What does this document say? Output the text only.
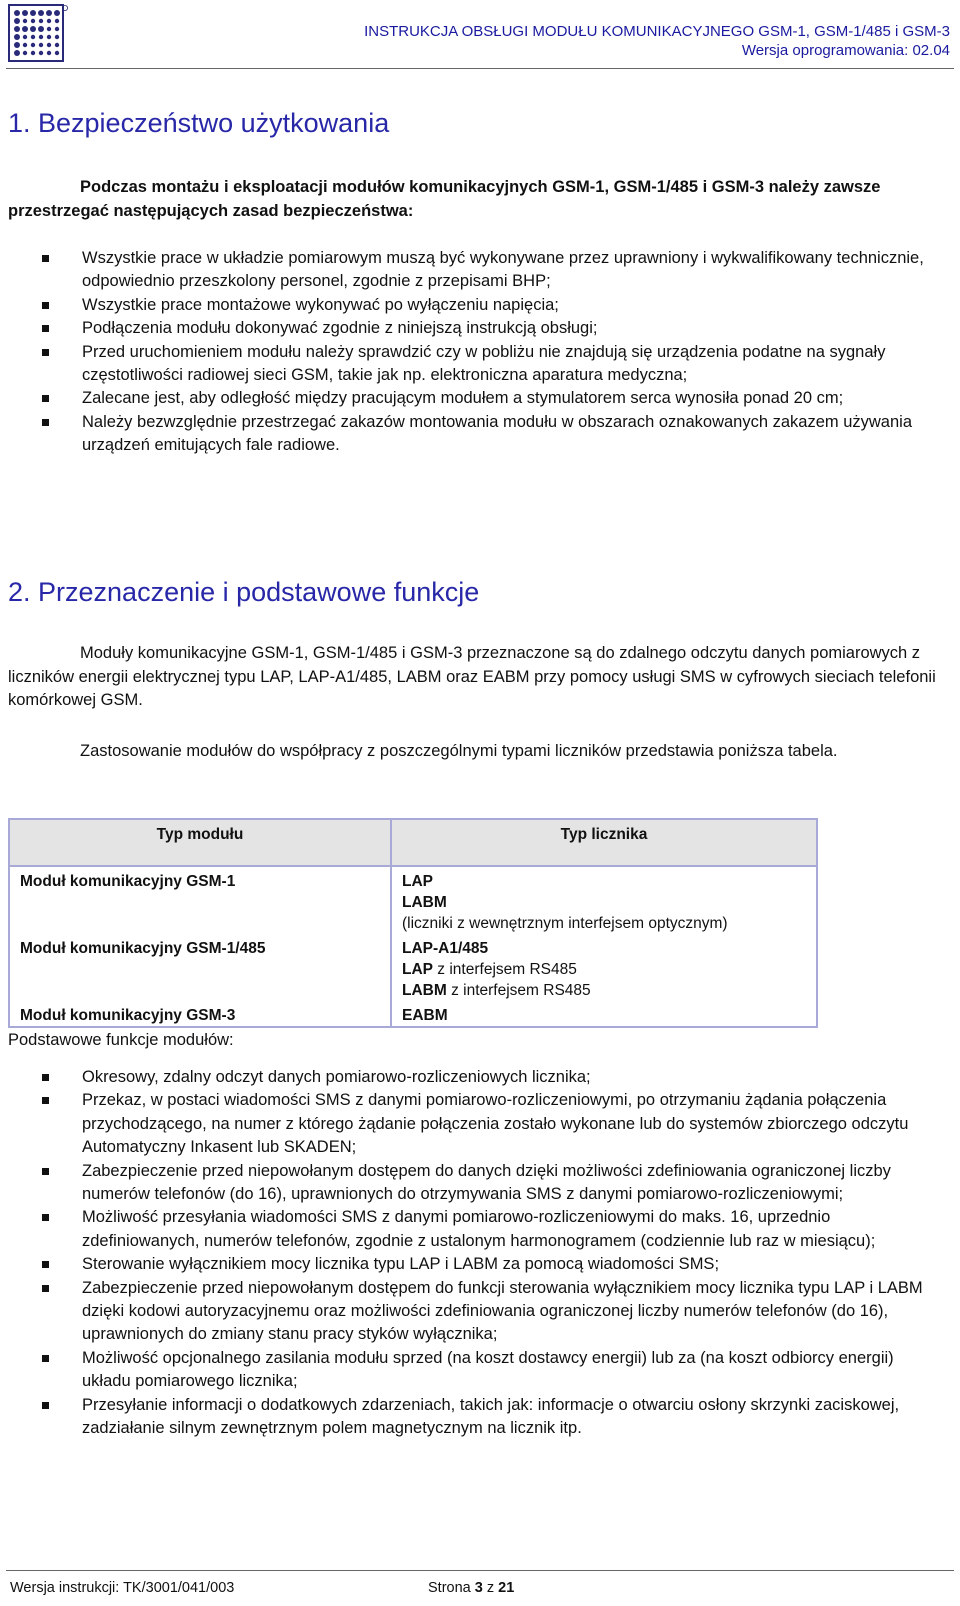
INSTRUKCJA OBSŁUGI MODUŁU KOMUNIKACYJNEGO GSM-1, GSM-1/485 i GSM-3
Wersja oprogramowania: 02.04
1. Bezpieczeństwo użytkowania
Podczas montażu i eksploatacji modułów komunikacyjnych GSM-1, GSM-1/485 i GSM-3 należy zawsze przestrzegać następujących zasad bezpieczeństwa:
Wszystkie prace w układzie pomiarowym muszą być wykonywane przez uprawniony i wykwalifikowany technicznie, odpowiednio przeszkolony personel, zgodnie z przepisami BHP;
Wszystkie prace montażowe wykonywać po wyłączeniu napięcia;
Podłączenia modułu dokonywać zgodnie z niniejszą instrukcją obsługi;
Przed uruchomieniem modułu należy sprawdzić czy w pobliżu nie znajdują się urządzenia podatne na sygnały częstotliwości radiowej sieci GSM, takie jak np. elektroniczna aparatura medyczna;
Zalecane jest, aby odległość między pracującym modułem a stymulatorem serca wynosiła ponad 20 cm;
Należy bezwzględnie przestrzegać zakazów montowania modułu w obszarach oznakowanych zakazem używania urządzeń emitujących fale radiowe.
2. Przeznaczenie i podstawowe funkcje
Moduły komunikacyjne GSM-1, GSM-1/485 i GSM-3 przeznaczone są do zdalnego odczytu danych pomiarowych z liczników energii elektrycznej typu LAP, LAP-A1/485, LABM oraz EABM przy pomocy usługi SMS w cyfrowych sieciach telefonii komórkowej GSM.
Zastosowanie modułów do współpracy z poszczególnymi typami liczników przedstawia poniższa tabela.
Typ modułu	Typ licznika
Moduł komunikacyjny GSM-1	LAP
	LABM
	(liczniki z wewnętrznym interfejsem optycznym)
Moduł komunikacyjny GSM-1/485	LAP-A1/485
	LAP z interfejsem RS485
	LABM z interfejsem RS485
Moduł komunikacyjny GSM-3	EABM
Podstawowe funkcje modułów:
Okresowy, zdalny odczyt danych pomiarowo-rozliczeniowych licznika;
Przekaz, w postaci wiadomości SMS z danymi pomiarowo-rozliczeniowymi, po otrzymaniu żądania połączenia przychodzącego, na numer z którego żądanie połączenia zostało wykonane lub do systemów zbiorczego odczytu Automatyczny Inkasent lub SKADEN;
Zabezpieczenie przed niepowołanym dostępem do danych dzięki możliwości zdefiniowania ograniczonej liczby numerów telefonów (do 16), uprawnionych do otrzymywania SMS z danymi pomiarowo-rozliczeniowymi;
Możliwość przesyłania wiadomości SMS z danymi pomiarowo-rozliczeniowymi do maks. 16, uprzednio zdefiniowanych, numerów telefonów, zgodnie z ustalonym harmonogramem (codziennie lub raz w miesiącu);
Sterowanie wyłącznikiem mocy licznika typu LAP i LABM za pomocą wiadomości SMS;
Zabezpieczenie przed niepowołanym dostępem do funkcji sterowania wyłącznikiem mocy licznika typu LAP i LABM dzięki kodowi autoryzacyjnemu oraz możliwości zdefiniowania ograniczonej liczby numerów telefonów (do 16), uprawnionych do zmiany stanu pracy styków wyłącznika;
Możliwość opcjonalnego zasilania modułu sprzed (na koszt dostawcy energii) lub za (na koszt odbiorcy energii) układu pomiarowego licznika;
Przesyłanie informacji o dodatkowych zdarzeniach, takich jak: informacje o otwarciu osłony skrzynki zaciskowej, zadziałanie silnym zewnętrznym polem magnetycznym na licznik itp.
Wersja instrukcji: TK/3001/041/003	Strona 3 z 21
